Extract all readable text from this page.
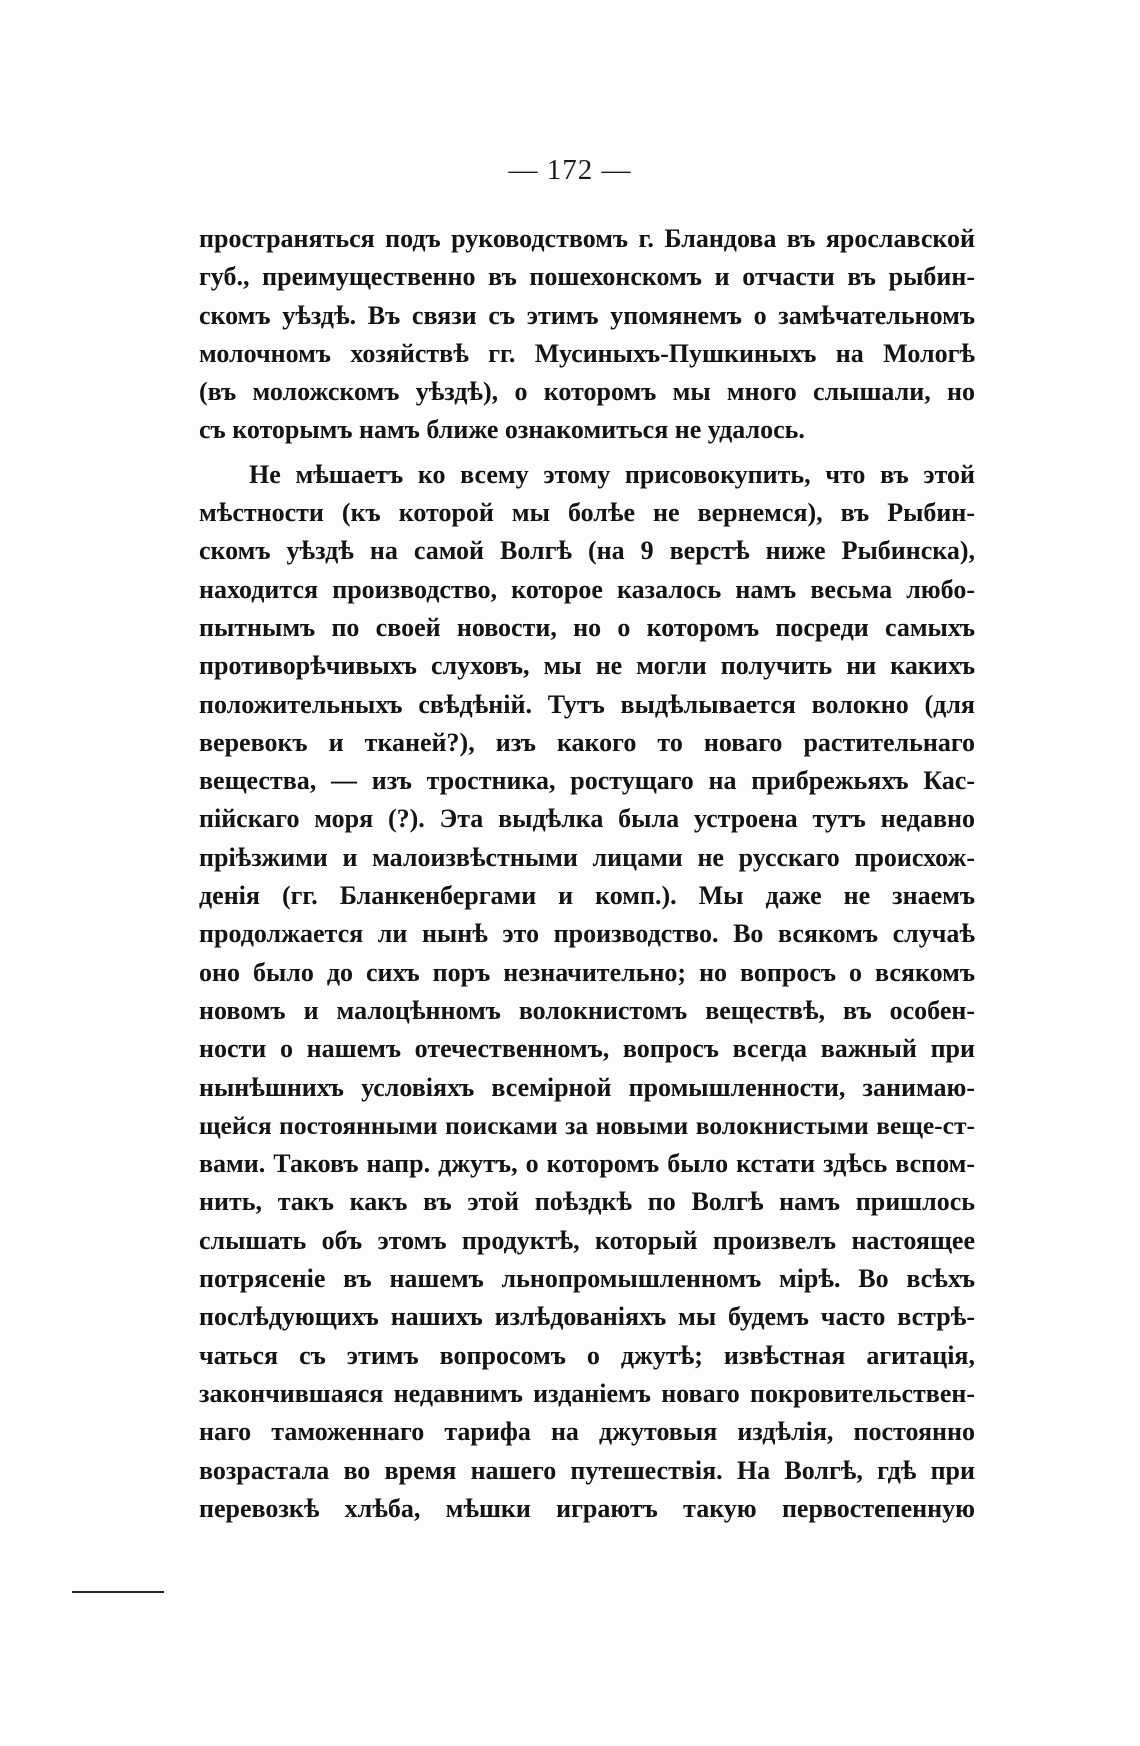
— 172 —
пространяться подъ руководствомъ г. Бландова въ ярославской
губ., преимущественно въ пошехонскомъ и отчасти въ рыбин-
скомъ уѣздѣ. Въ связи съ этимъ упомянемъ о замѣчательномъ
молочномъ хозяйствѣ гг. Мусиныхъ-Пушкиныхъ на Мологѣ
(въ моложскомъ уѣздѣ), о которомъ мы много слышали, но
съ которымъ намъ ближе ознакомиться не удалось.
Не мѣшаетъ ко всему этому присовокупить, что въ этой
мѣстности (къ которой мы болѣе не вернемся), въ Рыбин-
скомъ уѣздѣ на самой Волгѣ (на 9 верстѣ ниже Рыбинска),
находится производство, которое казалось намъ весьма любо-
пытнымъ по своей новости, но о которомъ посреди самыхъ
противорѣчивыхъ слуховъ, мы не могли получить ни какихъ
положительныхъ свѣдѣній. Тутъ выдѣлывается волокно (для
веревокъ и тканей?), изъ какого то новаго растительнаго
вещества, — изъ тростника, ростущаго на прибрежьяхъ Кас-
пійскаго моря (?). Эта выдѣлка была устроена тутъ недавно
пріѣзжими и малоизвѣстными лицами не русскаго происхож-
денія (гг. Бланкенбергами и комп.). Мы даже не знаемъ
продолжается ли нынѣ это производство. Во всякомъ случаѣ
оно было до сихъ поръ незначительно; но вопросъ о всякомъ
новомъ и малоцѣнномъ волокнистомъ веществѣ, въ особен-
ности о нашемъ отечественномъ, вопросъ всегда важный при
нынѣшнихъ условіяхъ всемірной промышленности, занимаю-
щейся постоянными поисками за новыми волокнистыми веще-ст-
вами. Таковъ напр. джутъ, о которомъ было кстати здѣсь вспом-
нить, такъ какъ въ этой поѣздкѣ по Волгѣ намъ пришлось
слышать объ этомъ продуктѣ, который произвелъ настоящее
потрясеніе въ нашемъ льнопромышленномъ мірѣ. Во всѣхъ
послѣдующихъ нашихъ излѣдованіяхъ мы будемъ часто встрѣ-
чаться съ этимъ вопросомъ о джутѣ; извѣстная агитація,
закончившаяся недавнимъ изданіемъ новаго покровительствен-
наго таможеннаго тарифа на джутовыя издѣлія, постоянно
возрастала во время нашего путешествія. На Волгѣ, гдѣ при
перевозкѣ хлѣба, мѣшки играютъ такую первостепенную
